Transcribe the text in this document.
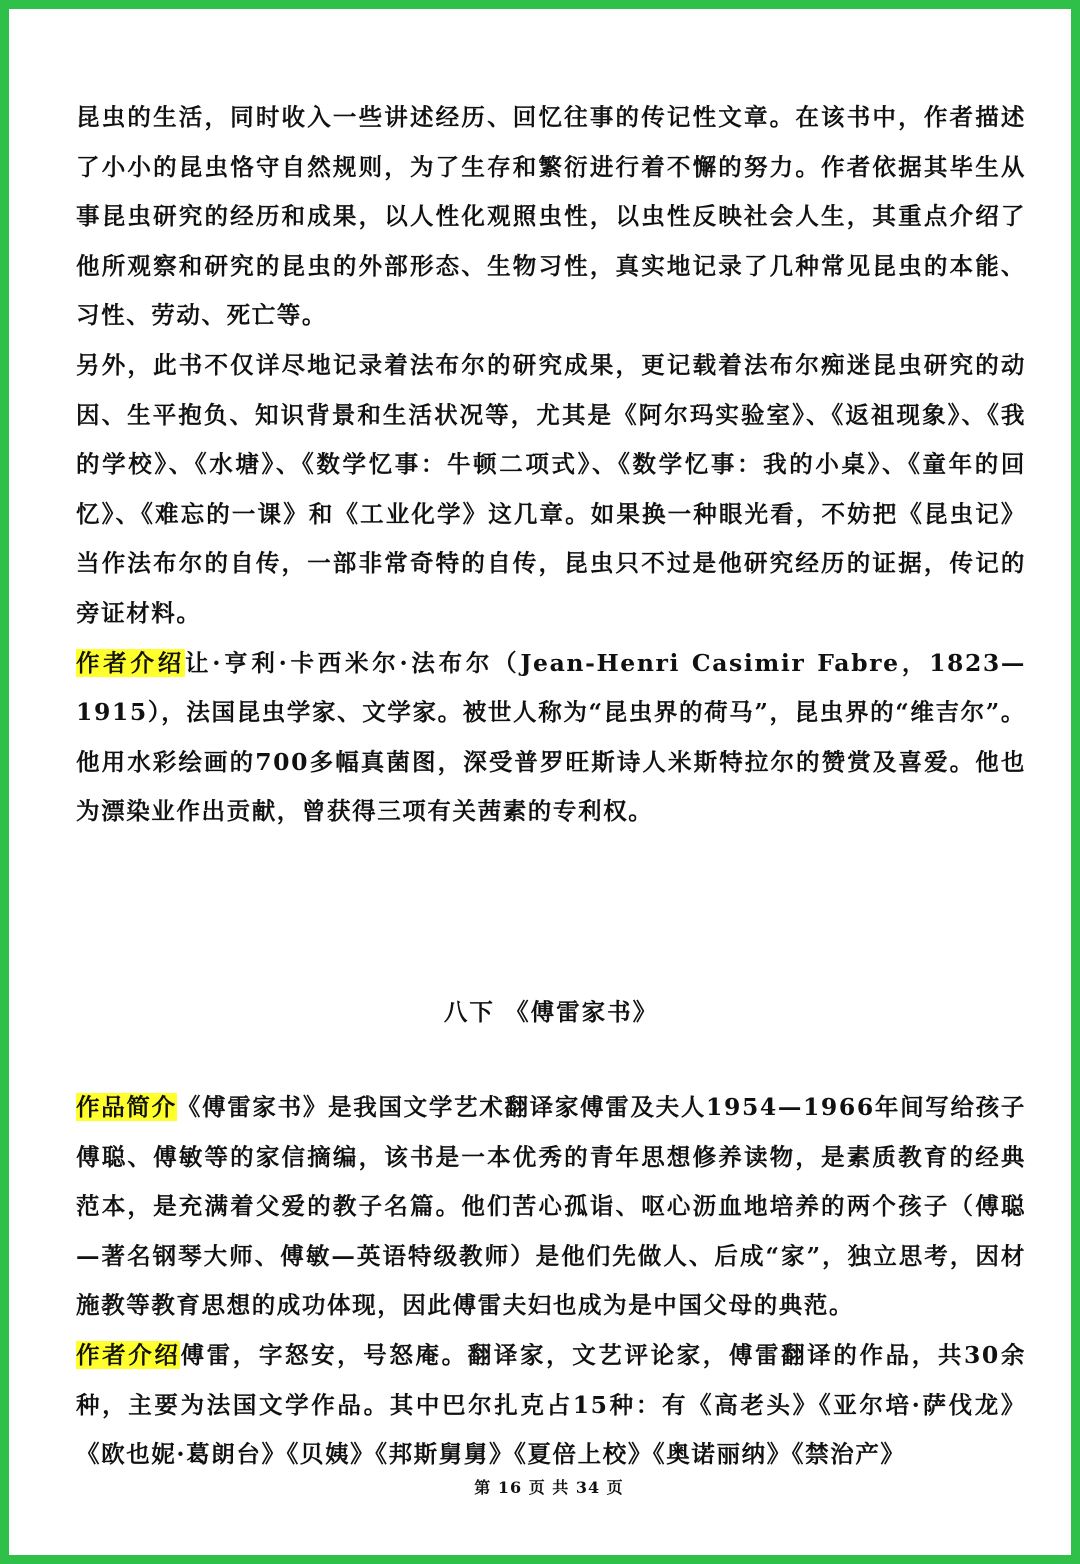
昆虫的生活，同时收入一些讲述经历、回忆往事的传记性文章。在该书中，作者描述了小小的昆虫恪守自然规则，为了生存和繁衍进行着不懈的努力。作者依据其毕生从事昆虫研究的经历和成果，以人性化观照虫性，以虫性反映社会人生，其重点介绍了他所观察和研究的昆虫的外部形态、生物习性，真实地记录了几种常见昆虫的本能、习性、劳动、死亡等。

另外，此书不仅详尽地记录着法布尔的研究成果，更记载着法布尔痴迷昆虫研究的动因、生平抱负、知识背景和生活状况等，尤其是《阿尔玛实验室》、《返祖现象》、《我的学校》、《水塘》、《数学忆事：牛顿二项式》、《数学忆事：我的小桌》、《童年的回忆》、《难忘的一课》和《工业化学》这几章。如果换一种眼光看，不妨把《昆虫记》当作法布尔的自传，一部非常奇特的自传，昆虫只不过是他研究经历的证据，传记的旁证材料。

作者介绍让·亨利·卡西米尔·法布尔（Jean-Henri Casimir Fabre，1823—1915），法国昆虫学家、文学家。被世人称为“昆虫界的荷马”，昆虫界的“维吉尔”。他用水彩绘画的700多幅真菌图，深受普罗旺斯诗人米斯特拉尔的赞赏及喜爱。他也为漂染业作出贡献，曾获得三项有关茜素的专利权。

八下 《傅雷家书》

作品简介《傅雷家书》是我国文学艺术翻译家傅雷及夫人1954—1966年间写给孩子傅聪、傅敏等的家信摘编，该书是一本优秀的青年思想修养读物，是素质教育的经典范本，是充满着父爱的教子名篇。他们苦心孤诣、呕心沥血地培养的两个孩子（傅聪—著名钢琴大师、傅敏—英语特级教师）是他们先做人、后成“家”，独立思考，因材施教等教育思想的成功体现，因此傅雷夫妇也成为是中国父母的典范。

作者介绍傅雷，字怒安，号怒庵。翻译家，文艺评论家，傅雷翻译的作品，共30余种，主要为法国文学作品。其中巴尔扎克占15种：有《高老头》《亚尔培·萨伐龙》《欧也妮·葛朗台》《贝姨》《邦斯舅舅》《夏倍上校》《奥诺丽纳》《禁治产》

第 16 页 共 34 页
